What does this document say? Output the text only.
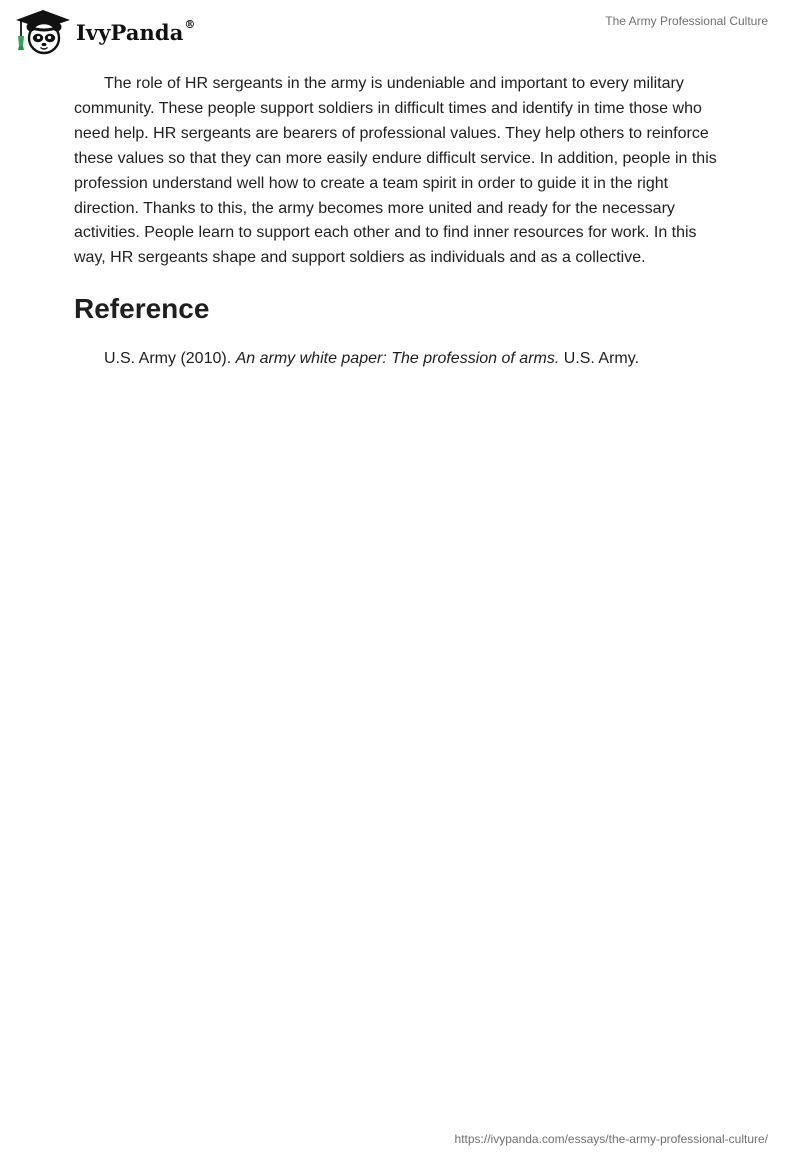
IvyPanda®	The Army Professional Culture

The role of HR sergeants in the army is undeniable and important to every military community. These people support soldiers in difficult times and identify in time those who need help. HR sergeants are bearers of professional values. They help others to reinforce these values so that they can more easily endure difficult service. In addition, people in this profession understand well how to create a team spirit in order to guide it in the right direction. Thanks to this, the army becomes more united and ready for the necessary activities. People learn to support each other and to find inner resources for work. In this way, HR sergeants shape and support soldiers as individuals and as a collective.

Reference

U.S. Army (2010). An army white paper: The profession of arms. U.S. Army.

https://ivypanda.com/essays/the-army-professional-culture/
